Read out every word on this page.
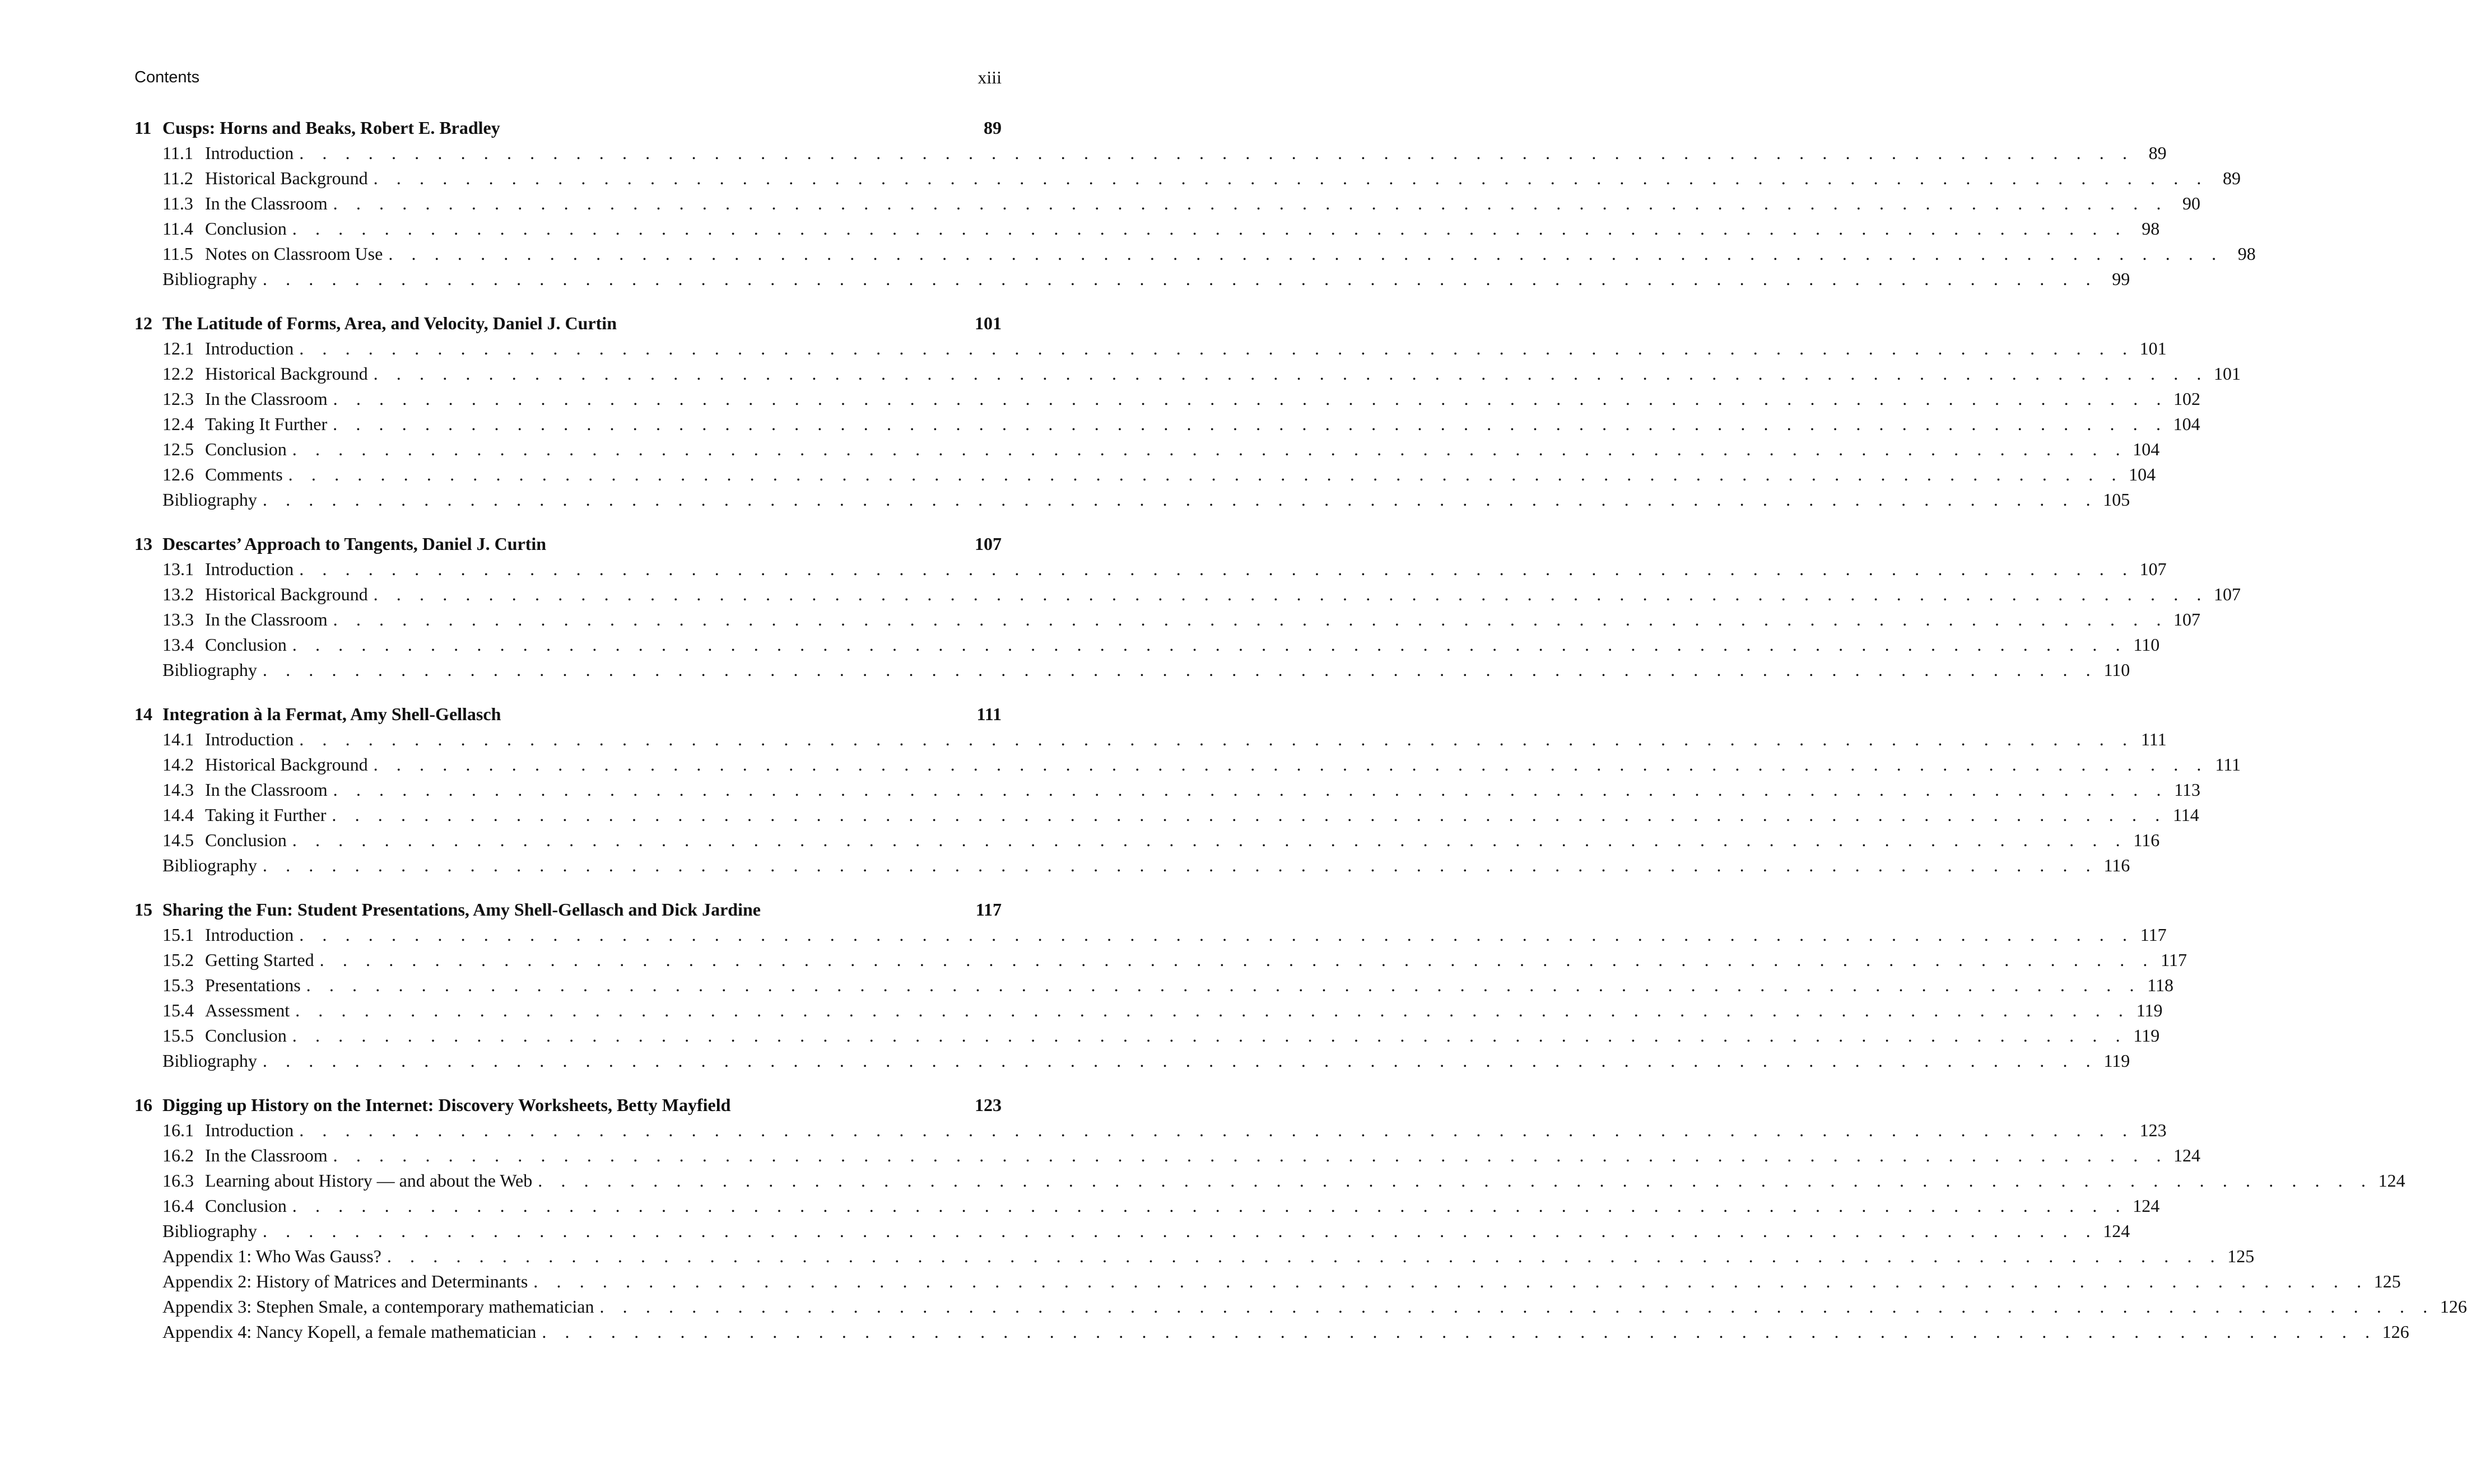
Contents	xiii
11 Cusps: Horns and Beaks, Robert E. Bradley	89
11.1 Introduction . . . . . . . . . . . . . . . . . . . . . . . . . . . . . . . . . . . . . . . . . . . . . . . . . . . . . . . . . . . . . . . . . . . . . . . . . . . . . . . . 89
11.2 Historical Background . . . . . . . . . . . . . . . . . . . . . . . . . . . . . . . . . . . . . . . . . . . . . . . . . . . . . . . . . . . . . . . . . . . . . . . . . . . . . . . . 89
11.3 In the Classroom . . . . . . . . . . . . . . . . . . . . . . . . . . . . . . . . . . . . . . . . . . . . . . . . . . . . . . . . . . . . . . . . . . . . . . . . . . . . . . . . 90
11.4 Conclusion . . . . . . . . . . . . . . . . . . . . . . . . . . . . . . . . . . . . . . . . . . . . . . . . . . . . . . . . . . . . . . . . . . . . . . . . . . . . . . . . 98
11.5 Notes on Classroom Use . . . . . . . . . . . . . . . . . . . . . . . . . . . . . . . . . . . . . . . . . . . . . . . . . . . . . . . . . . . . . . . . . . . . . . . . . . . . . . . . 98
Bibliography . . . . . . . . . . . . . . . . . . . . . . . . . . . . . . . . . . . . . . . . . . . . . . . . . . . . . . . . . . . . . . . . . . . . . . . . . . . . . . . . 99
12 The Latitude of Forms, Area, and Velocity, Daniel J. Curtin	101
12.1 Introduction . . . . . . . . . . . . . . . . . . . . . . . . . . . . . . . . . . . . . . . . . . . . . . . . . . . . . . . . . . . . . . . . . . . . . . . . . . . . . . . . 101
12.2 Historical Background . . . . . . . . . . . . . . . . . . . . . . . . . . . . . . . . . . . . . . . . . . . . . . . . . . . . . . . . . . . . . . . . . . . . . . . . . . . . . . . . 101
12.3 In the Classroom . . . . . . . . . . . . . . . . . . . . . . . . . . . . . . . . . . . . . . . . . . . . . . . . . . . . . . . . . . . . . . . . . . . . . . . . . . . . . . . . 102
12.4 Taking It Further . . . . . . . . . . . . . . . . . . . . . . . . . . . . . . . . . . . . . . . . . . . . . . . . . . . . . . . . . . . . . . . . . . . . . . . . . . . . . . . . 104
12.5 Conclusion . . . . . . . . . . . . . . . . . . . . . . . . . . . . . . . . . . . . . . . . . . . . . . . . . . . . . . . . . . . . . . . . . . . . . . . . . . . . . . . . 104
12.6 Comments . . . . . . . . . . . . . . . . . . . . . . . . . . . . . . . . . . . . . . . . . . . . . . . . . . . . . . . . . . . . . . . . . . . . . . . . . . . . . . . . 104
Bibliography . . . . . . . . . . . . . . . . . . . . . . . . . . . . . . . . . . . . . . . . . . . . . . . . . . . . . . . . . . . . . . . . . . . . . . . . . . . . . . . . 105
13 Descartes’ Approach to Tangents, Daniel J. Curtin	107
13.1 Introduction . . . . . . . . . . . . . . . . . . . . . . . . . . . . . . . . . . . . . . . . . . . . . . . . . . . . . . . . . . . . . . . . . . . . . . . . . . . . . . . . 107
13.2 Historical Background . . . . . . . . . . . . . . . . . . . . . . . . . . . . . . . . . . . . . . . . . . . . . . . . . . . . . . . . . . . . . . . . . . . . . . . . . . . . . . . . 107
13.3 In the Classroom . . . . . . . . . . . . . . . . . . . . . . . . . . . . . . . . . . . . . . . . . . . . . . . . . . . . . . . . . . . . . . . . . . . . . . . . . . . . . . . . 107
13.4 Conclusion . . . . . . . . . . . . . . . . . . . . . . . . . . . . . . . . . . . . . . . . . . . . . . . . . . . . . . . . . . . . . . . . . . . . . . . . . . . . . . . . 110
Bibliography . . . . . . . . . . . . . . . . . . . . . . . . . . . . . . . . . . . . . . . . . . . . . . . . . . . . . . . . . . . . . . . . . . . . . . . . . . . . . . . . 110
14 Integration à la Fermat, Amy Shell-Gellasch	111
14.1 Introduction . . . . . . . . . . . . . . . . . . . . . . . . . . . . . . . . . . . . . . . . . . . . . . . . . . . . . . . . . . . . . . . . . . . . . . . . . . . . . . . . 111
14.2 Historical Background . . . . . . . . . . . . . . . . . . . . . . . . . . . . . . . . . . . . . . . . . . . . . . . . . . . . . . . . . . . . . . . . . . . . . . . . . . . . . . . . 111
14.3 In the Classroom . . . . . . . . . . . . . . . . . . . . . . . . . . . . . . . . . . . . . . . . . . . . . . . . . . . . . . . . . . . . . . . . . . . . . . . . . . . . . . . . 113
14.4 Taking it Further . . . . . . . . . . . . . . . . . . . . . . . . . . . . . . . . . . . . . . . . . . . . . . . . . . . . . . . . . . . . . . . . . . . . . . . . . . . . . . . . 114
14.5 Conclusion . . . . . . . . . . . . . . . . . . . . . . . . . . . . . . . . . . . . . . . . . . . . . . . . . . . . . . . . . . . . . . . . . . . . . . . . . . . . . . . . 116
Bibliography . . . . . . . . . . . . . . . . . . . . . . . . . . . . . . . . . . . . . . . . . . . . . . . . . . . . . . . . . . . . . . . . . . . . . . . . . . . . . . . . 116
15 Sharing the Fun: Student Presentations, Amy Shell-Gellasch and Dick Jardine	117
15.1 Introduction . . . . . . . . . . . . . . . . . . . . . . . . . . . . . . . . . . . . . . . . . . . . . . . . . . . . . . . . . . . . . . . . . . . . . . . . . . . . . . . . 117
15.2 Getting Started . . . . . . . . . . . . . . . . . . . . . . . . . . . . . . . . . . . . . . . . . . . . . . . . . . . . . . . . . . . . . . . . . . . . . . . . . . . . . . . . 117
15.3 Presentations . . . . . . . . . . . . . . . . . . . . . . . . . . . . . . . . . . . . . . . . . . . . . . . . . . . . . . . . . . . . . . . . . . . . . . . . . . . . . . . . 118
15.4 Assessment . . . . . . . . . . . . . . . . . . . . . . . . . . . . . . . . . . . . . . . . . . . . . . . . . . . . . . . . . . . . . . . . . . . . . . . . . . . . . . . . 119
15.5 Conclusion . . . . . . . . . . . . . . . . . . . . . . . . . . . . . . . . . . . . . . . . . . . . . . . . . . . . . . . . . . . . . . . . . . . . . . . . . . . . . . . . 119
Bibliography . . . . . . . . . . . . . . . . . . . . . . . . . . . . . . . . . . . . . . . . . . . . . . . . . . . . . . . . . . . . . . . . . . . . . . . . . . . . . . . . 119
16 Digging up History on the Internet: Discovery Worksheets, Betty Mayfield	123
16.1 Introduction . . . . . . . . . . . . . . . . . . . . . . . . . . . . . . . . . . . . . . . . . . . . . . . . . . . . . . . . . . . . . . . . . . . . . . . . . . . . . . . . 123
16.2 In the Classroom . . . . . . . . . . . . . . . . . . . . . . . . . . . . . . . . . . . . . . . . . . . . . . . . . . . . . . . . . . . . . . . . . . . . . . . . . . . . . . . . 124
16.3 Learning about History — and about the Web . . . . . . . . . . . . . . . . . . . . . . . . . . . . . . . . . . . . . . . . . . . . . . . . . . . . . . . . . . . . . . . . . . . . . . . . . . . . . . . . 124
16.4 Conclusion . . . . . . . . . . . . . . . . . . . . . . . . . . . . . . . . . . . . . . . . . . . . . . . . . . . . . . . . . . . . . . . . . . . . . . . . . . . . . . . . 124
Bibliography . . . . . . . . . . . . . . . . . . . . . . . . . . . . . . . . . . . . . . . . . . . . . . . . . . . . . . . . . . . . . . . . . . . . . . . . . . . . . . . . 124
Appendix 1: Who Was Gauss? . . . . . . . . . . . . . . . . . . . . . . . . . . . . . . . . . . . . . . . . . . . . . . . . . . . . . . . . . . . . . . . . . . . . . . . . . . . . . . . . 125
Appendix 2: History of Matrices and Determinants . . . . . . . . . . . . . . . . . . . . . . . . . . . . . . . . . . . . . . . . . . . . . . . . . . . . . . . . . . . . . . . . . . . . . . . . . . . . . . . . 125
Appendix 3: Stephen Smale, a contemporary mathematician . . . . . . . . . . . . . . . . . . . . . . . . . . . . . . . . . . . . . . . . . . . . . . . . . . . . . . . . . . . . . . . . . . . . . . . . . . . . . . . . 126
Appendix 4: Nancy Kopell, a female mathematician . . . . . . . . . . . . . . . . . . . . . . . . . . . . . . . . . . . . . . . . . . . . . . . . . . . . . . . . . . . . . . . . . . . . . . . . . . . . . . . . 126
